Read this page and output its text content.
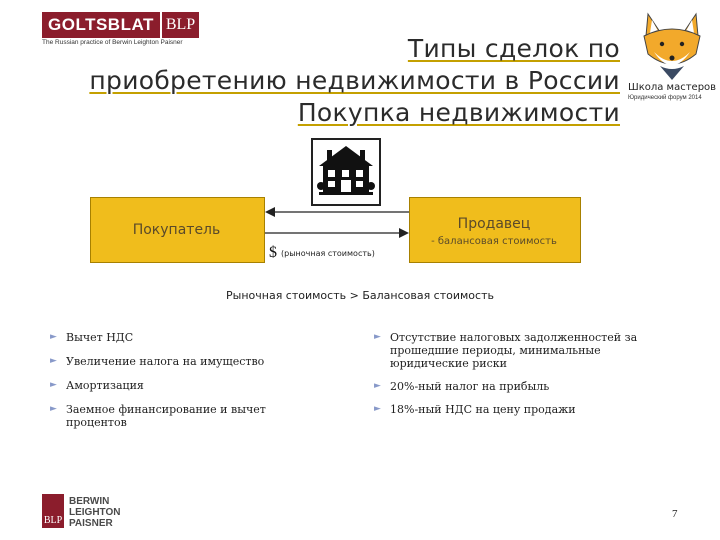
GOLTSBLAT BLP
The Russian practice of Berwin Leighton Paisner	Типы сделок по
приобретению недвижимости в России
Покупка недвижимости
Школа мастеров
Юридический форум 2014
Покупатель	Продавец
- балансовая стоимость
$ (рыночная стоимость)
Рыночная стоимость > Балансовая стоимость
► Вычет НДС
► Увеличение налога на имущество
► Амортизация
► Заемное финансирование и вычет процентов
► Отсутствие налоговых задолженностей за прошедшие периоды, минимальные юридические риски
► 20%-ный налог на прибыль
► 18%-ный НДС на цену продажи
BLP
BERWIN
LEIGHTON
PAISNER
7
